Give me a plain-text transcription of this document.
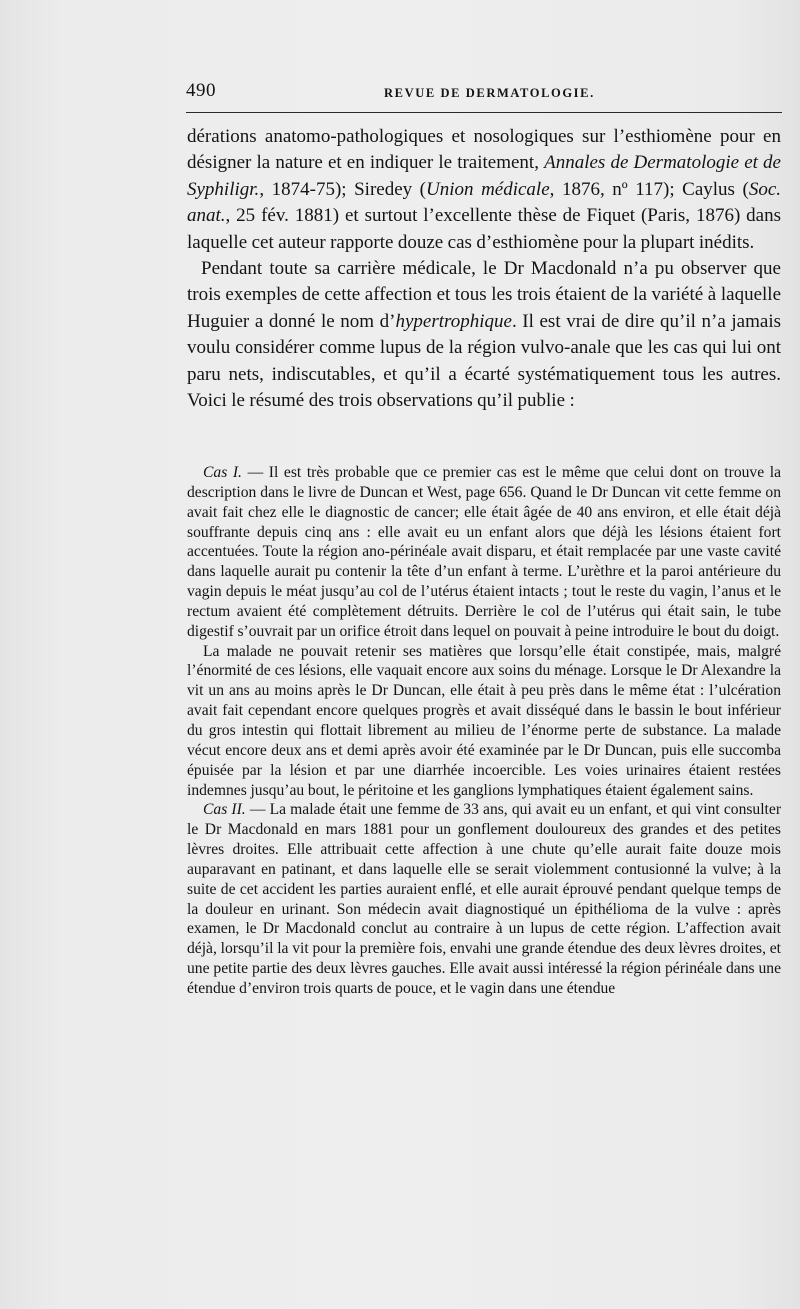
490	REVUE DE DERMATOLOGIE.

dérations anatomo-pathologiques et nosologiques sur l’esthiomène pour en désigner la nature et en indiquer le traitement, Annales de Dermatologie et de Syphiligr., 1874-75); Siredey (Union médicale, 1876, nº 117); Caylus (Soc. anat., 25 fév. 1881) et surtout l’excellente thèse de Fiquet (Paris, 1876) dans laquelle cet auteur rapporte douze cas d’esthiomène pour la plupart inédits.

Pendant toute sa carrière médicale, le Dr Macdonald n’a pu observer que trois exemples de cette affection et tous les trois étaient de la variété à laquelle Huguier a donné le nom d’hypertrophique. Il est vrai de dire qu’il n’a jamais voulu considérer comme lupus de la région vulvo-anale que les cas qui lui ont paru nets, indiscutables, et qu’il a écarté systématiquement tous les autres. Voici le résumé des trois observations qu’il publie :

Cas I. — Il est très probable que ce premier cas est le même que celui dont on trouve la description dans le livre de Duncan et West, page 656. Quand le Dr Duncan vit cette femme on avait fait chez elle le diagnostic de cancer; elle était âgée de 40 ans environ, et elle était déjà souffrante depuis cinq ans : elle avait eu un enfant alors que déjà les lésions étaient fort accentuées. Toute la région ano-périnéale avait disparu, et était remplacée par une vaste cavité dans laquelle aurait pu contenir la tête d’un enfant à terme. L’urèthre et la paroi antérieure du vagin depuis le méat jusqu’au col de l’utérus étaient intacts ; tout le reste du vagin, l’anus et le rectum avaient été complètement détruits. Derrière le col de l’utérus qui était sain, le tube digestif s’ouvrait par un orifice étroit dans lequel on pouvait à peine introduire le bout du doigt.

La malade ne pouvait retenir ses matières que lorsqu’elle était constipée, mais, malgré l’énormité de ces lésions, elle vaquait encore aux soins du ménage. Lorsque le Dr Alexandre la vit un ans au moins après le Dr Duncan, elle était à peu près dans le même état : l’ulcération avait fait cependant encore quelques progrès et avait disséqué dans le bassin le bout inférieur du gros intestin qui flottait librement au milieu de l’énorme perte de substance. La malade vécut encore deux ans et demi après avoir été examinée par le Dr Duncan, puis elle succomba épuisée par la lésion et par une diarrhée incoercible. Les voies urinaires étaient restées indemnes jusqu’au bout, le péritoine et les ganglions lymphatiques étaient également sains.

Cas II. — La malade était une femme de 33 ans, qui avait eu un enfant, et qui vint consulter le Dr Macdonald en mars 1881 pour un gonflement douloureux des grandes et des petites lèvres droites. Elle attribuait cette affection à une chute qu’elle aurait faite douze mois auparavant en patinant, et dans laquelle elle se serait violemment contusionné la vulve; à la suite de cet accident les parties auraient enflé, et elle aurait éprouvé pendant quelque temps de la douleur en urinant. Son médecin avait diagnostiqué un épithélioma de la vulve : après examen, le Dr Macdonald conclut au contraire à un lupus de cette région. L’affection avait déjà, lorsqu’il la vit pour la première fois, envahi une grande étendue des deux lèvres droites, et une petite partie des deux lèvres gauches. Elle avait aussi intéressé la région périnéale dans une étendue d’environ trois quarts de pouce, et le vagin dans une étendue
